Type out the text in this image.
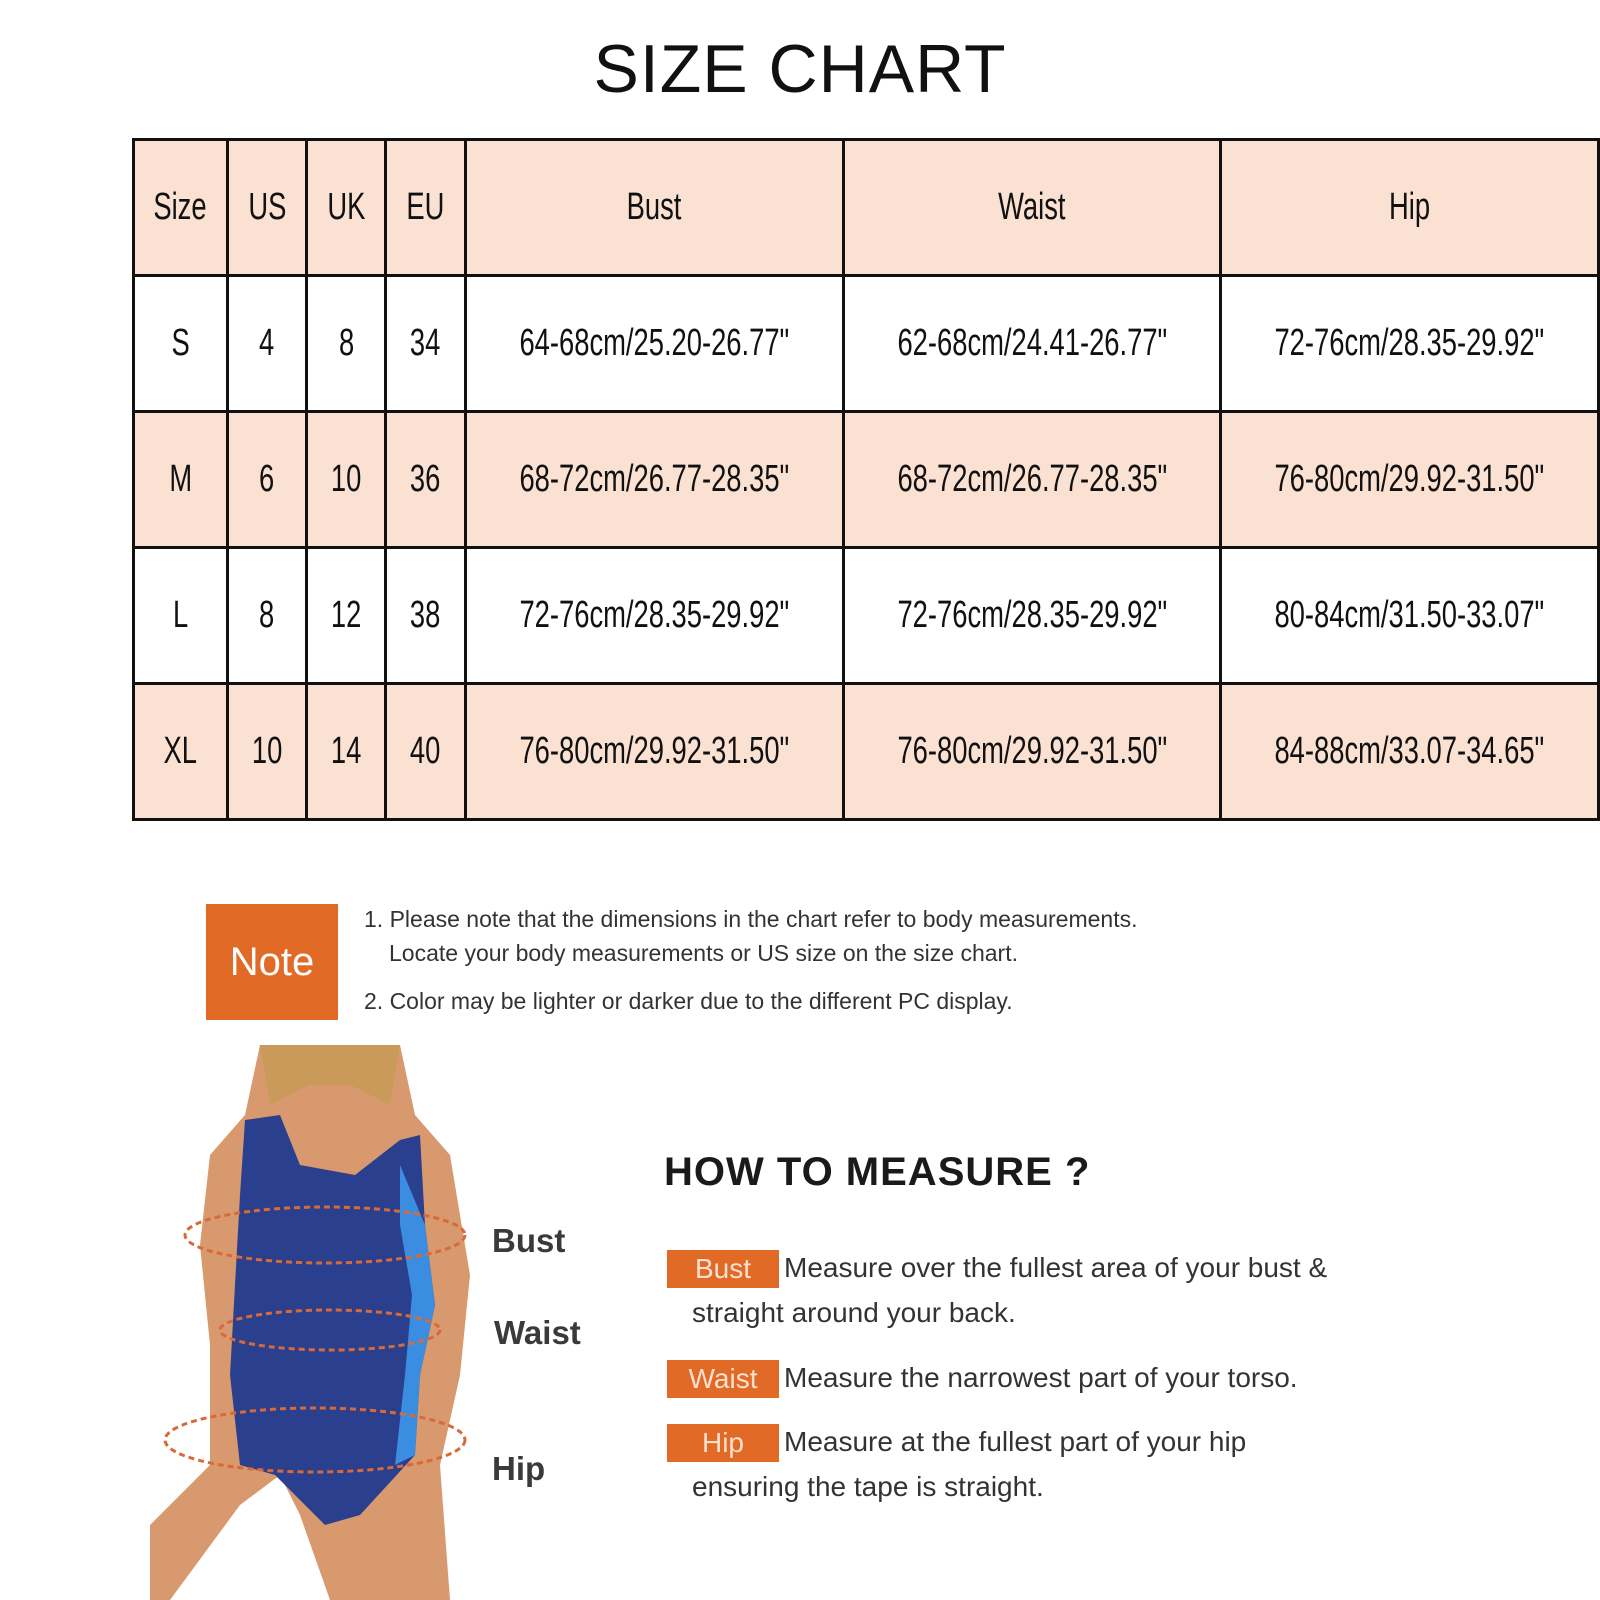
SIZE CHART
Size	US	UK	EU	Bust	Waist	Hip
S	4	8	34	64-68cm/25.20-26.77"	62-68cm/24.41-26.77"	72-76cm/28.35-29.92"
M	6	10	36	68-72cm/26.77-28.35"	68-72cm/26.77-28.35"	76-80cm/29.92-31.50"
L	8	12	38	72-76cm/28.35-29.92"	72-76cm/28.35-29.92"	80-84cm/31.50-33.07"
XL	10	14	40	76-80cm/29.92-31.50"	76-80cm/29.92-31.50"	84-88cm/33.07-34.65"
Note
1. Please note that the dimensions in the chart refer to body measurements.
Locate your body measurements or US size on the size chart.
2. Color may be lighter or darker due to the different PC display.
Bust
Waist
Hip
HOW TO MEASURE ?
Bust	Measure over the fullest area of your bust &
straight around your back.
Waist Measure the narrowest part of your torso.
Hip	Measure at the fullest part of your hip
ensuring the tape is straight.
